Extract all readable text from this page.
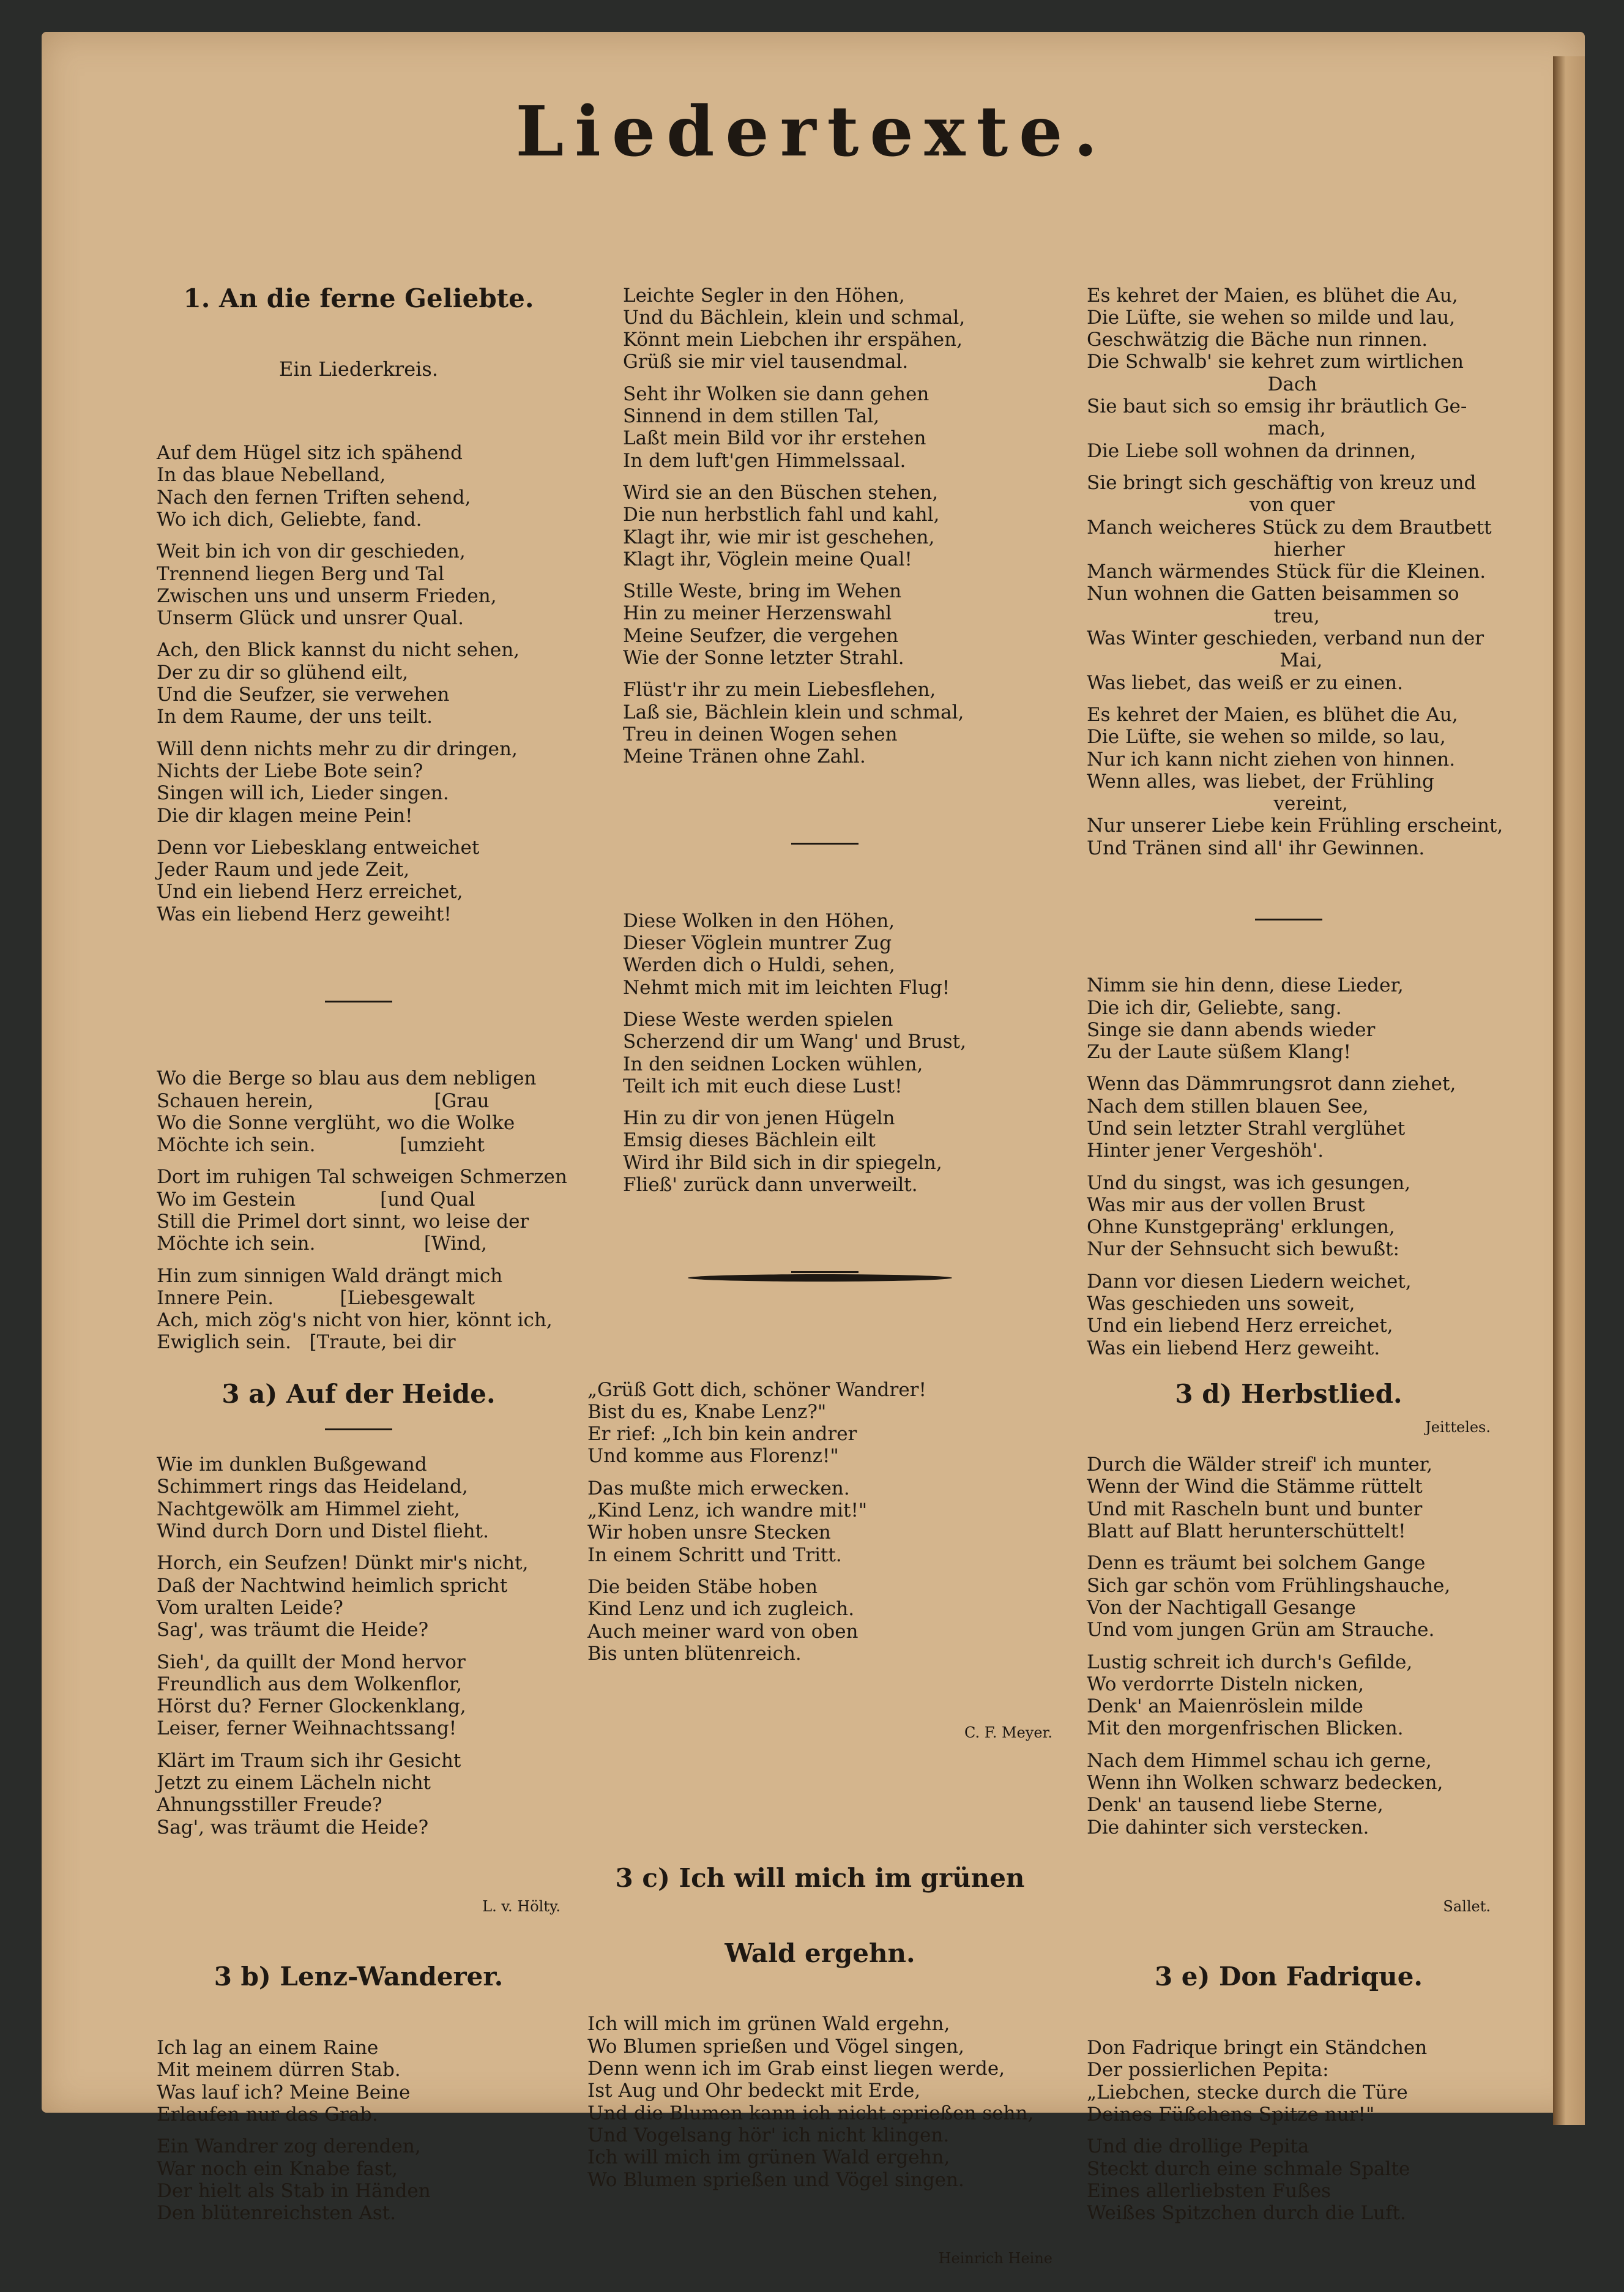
Liedertexte.

1. An die ferne Geliebte.

Ein Liederkreis.

Auf dem Hügel sitz ich spähend
In das blaue Nebelland,
Nach den fernen Triften sehend,
Wo ich dich, Geliebte, fand.
Weit bin ich von dir geschieden,
Trennend liegen Berg und Tal
Zwischen uns und unserm Frieden,
Unserm Glück und unsrer Qual.
Ach, den Blick kannst du nicht sehen,
Der zu dir so glühend eilt,
Und die Seufzer, sie verwehen
In dem Raume, der uns teilt.
Will denn nichts mehr zu dir dringen,
Nichts der Liebe Bote sein?
Singen will ich, Lieder singen.
Die dir klagen meine Pein!
Denn vor Liebesklang entweichet
Jeder Raum und jede Zeit,
Und ein liebend Herz erreichet,
Was ein liebend Herz geweiht!

Wo die Berge so blau aus dem nebligen
Schauen herein,                    [Grau
Wo die Sonne verglüht, wo die Wolke
Möchte ich sein.              [umzieht
Dort im ruhigen Tal schweigen Schmerzen
Wo im Gestein              [und Qual
Still die Primel dort sinnt, wo leise der
Möchte ich sein.                  [Wind,
Hin zum sinnigen Wald drängt mich
Innere Pein.           [Liebesgewalt
Ach, mich zög's nicht von hier, könnt ich,
Ewiglich sein.   [Traute, bei dir

Leichte Segler in den Höhen,
Und du Bächlein, klein und schmal,
Könnt mein Liebchen ihr erspähen,
Grüß sie mir viel tausendmal.
Seht ihr Wolken sie dann gehen
Sinnend in dem stillen Tal,
Laßt mein Bild vor ihr erstehen
In dem luft'gen Himmelssaal.
Wird sie an den Büschen stehen,
Die nun herbstlich fahl und kahl,
Klagt ihr, wie mir ist geschehen,
Klagt ihr, Vöglein meine Qual!
Stille Weste, bring im Wehen
Hin zu meiner Herzenswahl
Meine Seufzer, die vergehen
Wie der Sonne letzter Strahl.
Flüst'r ihr zu mein Liebesflehen,
Laß sie, Bächlein klein und schmal,
Treu in deinen Wogen sehen
Meine Tränen ohne Zahl.

Diese Wolken in den Höhen,
Dieser Vöglein muntrer Zug
Werden dich o Huldi, sehen,
Nehmt mich mit im leichten Flug!
Diese Weste werden spielen
Scherzend dir um Wang' und Brust,
In den seidnen Locken wühlen,
Teilt ich mit euch diese Lust!
Hin zu dir von jenen Hügeln
Emsig dieses Bächlein eilt
Wird ihr Bild sich in dir spiegeln,
Fließ' zurück dann unverweilt.

Es kehret der Maien, es blühet die Au,
Die Lüfte, sie wehen so milde und lau,
Geschwätzig die Bäche nun rinnen.
Die Schwalb' sie kehret zum wirtlichen
Dach
Sie baut sich so emsig ihr bräutlich Ge-
mach,
Die Liebe soll wohnen da drinnen,
Sie bringt sich geschäftig von kreuz und
von quer
Manch weicheres Stück zu dem Brautbett
hierher
Manch wärmendes Stück für die Kleinen.
Nun wohnen die Gatten beisammen so
treu,
Was Winter geschieden, verband nun der
Mai,
Was liebet, das weiß er zu einen.
Es kehret der Maien, es blühet die Au,
Die Lüfte, sie wehen so milde, so lau,
Nur ich kann nicht ziehen von hinnen.
Wenn alles, was liebet, der Frühling
vereint,
Nur unserer Liebe kein Frühling erscheint,
Und Tränen sind all' ihr Gewinnen.

Nimm sie hin denn, diese Lieder,
Die ich dir, Geliebte, sang.
Singe sie dann abends wieder
Zu der Laute süßem Klang!
Wenn das Dämmrungsrot dann ziehet,
Nach dem stillen blauen See,
Und sein letzter Strahl verglühet
Hinter jener Vergeshöh'.
Und du singst, was ich gesungen,
Was mir aus der vollen Brust
Ohne Kunstgepräng' erklungen,
Nur der Sehnsucht sich bewußt:
Dann vor diesen Liedern weichet,
Was geschieden uns soweit,
Und ein liebend Herz erreichet,
Was ein liebend Herz geweiht.

Jeitteles.

3 a) Auf der Heide.

Wie im dunklen Bußgewand
Schimmert rings das Heideland,
Nachtgewölk am Himmel zieht,
Wind durch Dorn und Distel flieht.
Horch, ein Seufzen! Dünkt mir's nicht,
Daß der Nachtwind heimlich spricht
Vom uralten Leide?
Sag', was träumt die Heide?
Sieh', da quillt der Mond hervor
Freundlich aus dem Wolkenflor,
Hörst du? Ferner Glockenklang,
Leiser, ferner Weihnachtssang!
Klärt im Traum sich ihr Gesicht
Jetzt zu einem Lächeln nicht
Ahnungsstiller Freude?
Sag', was träumt die Heide?

L. v. Hölty.

3 b) Lenz-Wanderer.

Ich lag an einem Raine
Mit meinem dürren Stab.
Was lauf ich? Meine Beine
Erlaufen nur das Grab.
Ein Wandrer zog derenden,
War noch ein Knabe fast,
Der hielt als Stab in Händen
Den blütenreichsten Ast.

„Grüß Gott dich, schöner Wandrer!
Bist du es, Knabe Lenz?"
Er rief: „Ich bin kein andrer
Und komme aus Florenz!"
Das mußte mich erwecken.
„Kind Lenz, ich wandre mit!"
Wir hoben unsre Stecken
In einem Schritt und Tritt.
Die beiden Stäbe hoben
Kind Lenz und ich zugleich.
Auch meiner ward von oben
Bis unten blütenreich.

C. F. Meyer.

3 c) Ich will mich im grünen

Wald ergehn.

Ich will mich im grünen Wald ergehn,
Wo Blumen sprießen und Vögel singen,
Denn wenn ich im Grab einst liegen werde,
Ist Aug und Ohr bedeckt mit Erde,
Und die Blumen kann ich nicht sprießen sehn,
Und Vogelsang hör' ich nicht klingen.
Ich will mich im grünen Wald ergehn,
Wo Blumen sprießen und Vögel singen.

Heinrich Heine

3 d) Herbstlied.

Durch die Wälder streif' ich munter,
Wenn der Wind die Stämme rüttelt
Und mit Rascheln bunt und bunter
Blatt auf Blatt herunterschüttelt!
Denn es träumt bei solchem Gange
Sich gar schön vom Frühlingshauche,
Von der Nachtigall Gesange
Und vom jungen Grün am Strauche.
Lustig schreit ich durch's Gefilde,
Wo verdorrte Disteln nicken,
Denk' an Maienröslein milde
Mit den morgenfrischen Blicken.
Nach dem Himmel schau ich gerne,
Wenn ihn Wolken schwarz bedecken,
Denk' an tausend liebe Sterne,
Die dahinter sich verstecken.

Sallet.

3 e) Don Fadrique.

Don Fadrique bringt ein Ständchen
Der possierlichen Pepita:
„Liebchen, stecke durch die Türe
Deines Füßchens Spitze nur!"
Und die drollige Pepita
Steckt durch eine schmale Spalte
Eines allerliebsten Fußes
Weißes Spitzchen durch die Luft.
